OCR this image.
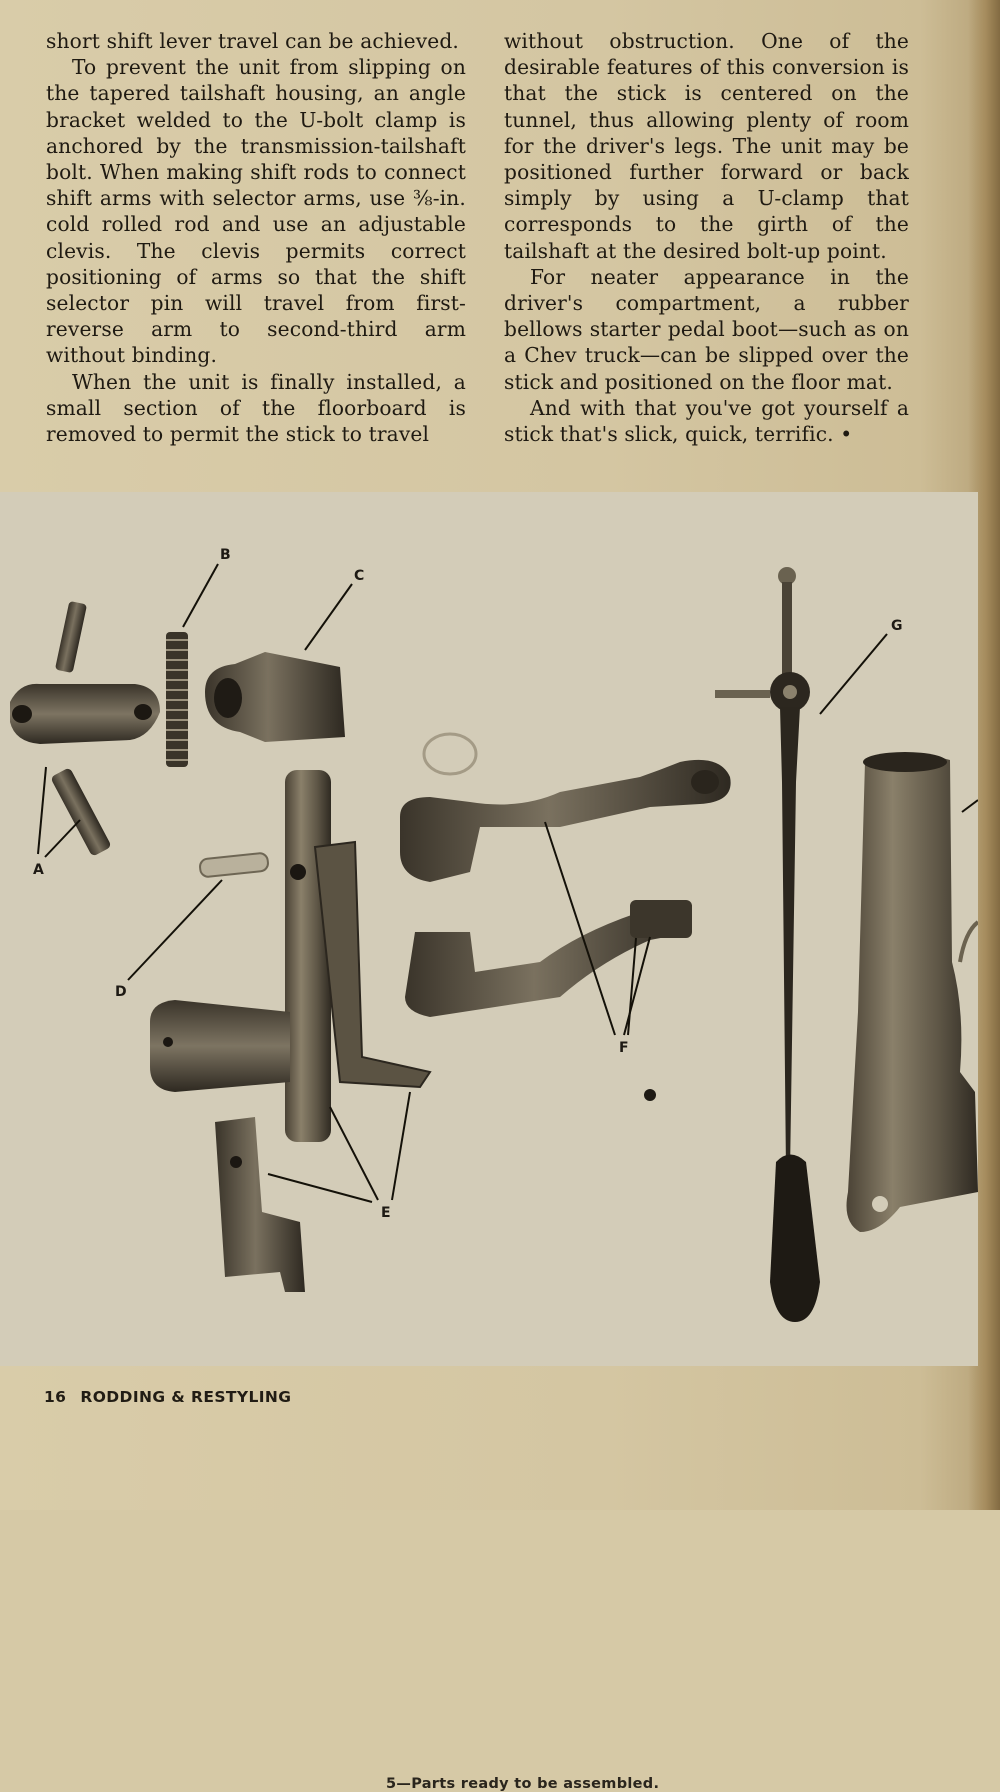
short shift lever travel can be achieved.

To prevent the unit from slipping on the tapered tailshaft housing, an angle bracket welded to the U-bolt clamp is anchored by the transmission-tailshaft bolt. When making shift rods to connect shift arms with selector arms, use ⅜-in. cold rolled rod and use an adjustable clevis. The clevis permits correct positioning of arms so that the shift selector pin will travel from first-reverse arm to second-third arm without binding.

When the unit is finally installed, a small section of the floorboard is removed to permit the stick to travel

without obstruction. One of the desirable features of this conversion is that the stick is centered on the tunnel, thus allowing plenty of room for the driver's legs. The unit may be positioned further forward or back simply by using a U-clamp that corresponds to the girth of the tailshaft at the desired bolt-up point.

For neater appearance in the driver's compartment, a rubber bellows starter pedal boot—such as on a Chev truck—can be slipped over the stick and positioned on the floor mat.

And with that you've got yourself a stick that's slick, quick, terrific. •

B
C
A
D
E
F
G
5—Parts ready to be assembled.
16 RODDING & RESTYLING
